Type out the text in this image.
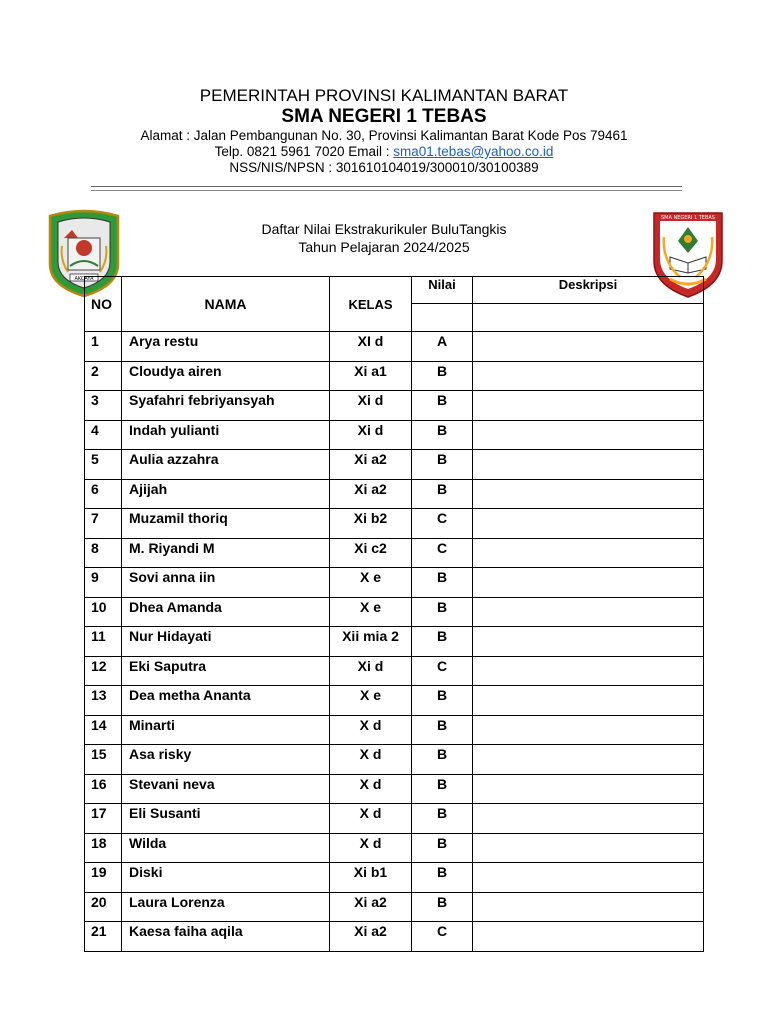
PEMERINTAH PROVINSI KALIMANTAN BARAT
SMA NEGERI 1 TEBAS
Alamat : Jalan Pembangunan No. 30, Provinsi Kalimantan Barat Kode Pos 79461
Telp. 0821 5961 7020 Email : sma01.tebas@yahoo.co.id
NSS/NIS/NPSN : 301610104019/300010/30100389
AKCAYA
SMA NEGERI 1 TEBAS
Daftar Nilai Ekstrakurikuler BuluTangkis
Tahun Pelajaran 2024/2025
NO	NAMA	KELAS	Nilai	Deskripsi

1	Arya restu	XI d	A	
2	Cloudya airen	Xi a1	B	
3	Syafahri febriyansyah	Xi d	B	
4	Indah yulianti	Xi d	B	
5	Aulia azzahra	Xi a2	B	
6	Ajijah	Xi a2	B	
7	Muzamil thoriq	Xi b2	C	
8	M. Riyandi M	Xi c2	C	
9	Sovi anna iin	X e	B	
10	Dhea Amanda	X e	B	
11	Nur Hidayati	Xii mia 2	B	
12	Eki Saputra	Xi d	C	
13	Dea metha Ananta	X e	B	
14	Minarti	X d	B	
15	Asa risky	X d	B	
16	Stevani neva	X d	B	
17	Eli Susanti	X d	B	
18	Wilda	X d	B	
19	Diski	Xi b1	B	
20	Laura Lorenza	Xi a2	B	
21	Kaesa faiha aqila	Xi a2	C	
